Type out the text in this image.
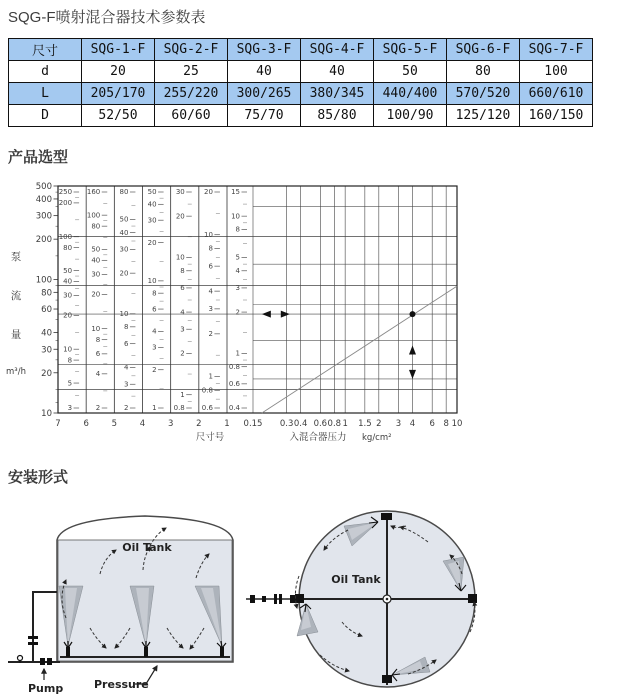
SQG-F喷射混合器技术参数表
尺寸	SQG-1-F	SQG-2-F	SQG-3-F	SQG-4-F	SQG-5-F	SQG-6-F	SQG-7-F
d	20	25	40	40	50	80	100
L	205/170	255/220	300/265	380/345	440/400	570/520	660/610
D	52/50	60/60	75/70	85/80	100/90	125/120	160/150
产品选型
7	6	5	4	3	2	1
250
200
100
80
50
40
30
20
10
8
5
3
160
100
80
50
40
30
20
10
8
6
4
2
80
50
40
30
20
10
8
6
4
3
2
50
40
30
20
10
8
6
4
3
2
1
30
20
10
8
6
4
3
2
1
0.8
20
10
8
6
4
3
2
1
0.8
0.6
15
10
8
5
4
3
2
1
0.8
0.6
0.4
0.15 0.3 0.4 0.6 0.8 1 1.5 2 3 4 6 8 10
500
400
300
200
100
80
60
40
30
20
10
泵
流
量
m³/h
尺寸号	入混合器压力 kg/cm²
安装形式
Oil Tank
Pump	Pressure
Oil Tank
